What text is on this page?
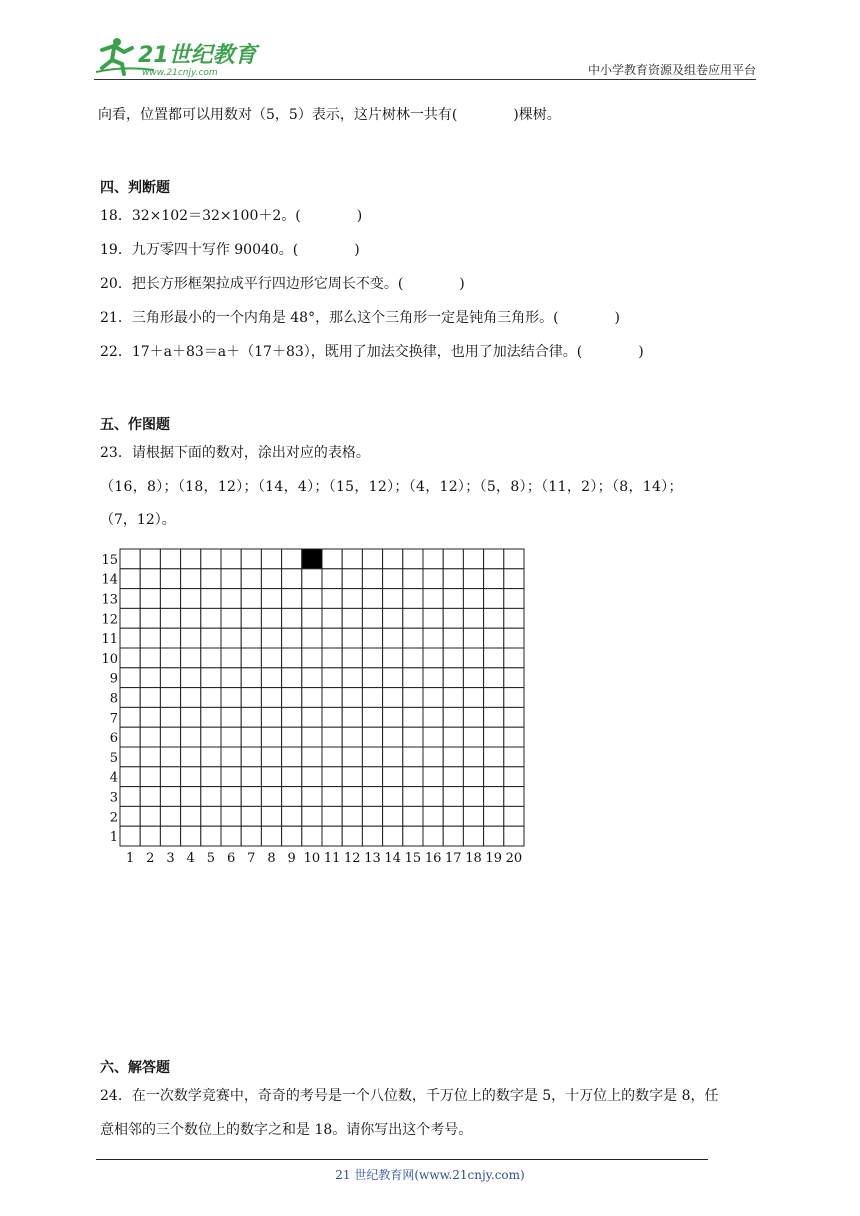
21世纪教育
www.21cnjy.com	中小学教育资源及组卷应用平台
向看，位置都可以用数对（5，5）表示，这片树林一共有(　　　　)棵树。
四、判断题
18．32×102＝32×100＋2。(　　　　)
19．九万零四十写作 90040。(　　　　)
20．把长方形框架拉成平行四边形它周长不变。(　　　　)
21．三角形最小的一个内角是 48°，那么这个三角形一定是钝角三角形。(　　　　)
22．17＋a＋83＝a＋（17＋83），既用了加法交换律，也用了加法结合律。(　　　　)
五、作图题
23．请根据下面的数对，涂出对应的表格。
（16，8）；（18，12）；（14，4）；（15，12）；（4，12）；（5，8）；（11，2）；（8，14）；
（7，12）。
15
14
13
12
11
10
9
8
7
6
5
4
3
2
1
1 2 3 4 5 6 7 8 9 10 11 12 13 14 15 16 17 18 19 20
六、解答题
24．在一次数学竞赛中，奇奇的考号是一个八位数，千万位上的数字是 5，十万位上的数字是 8，任
意相邻的三个数位上的数字之和是 18。请你写出这个考号。
21 世纪教育网(www.21cnjy.com)
